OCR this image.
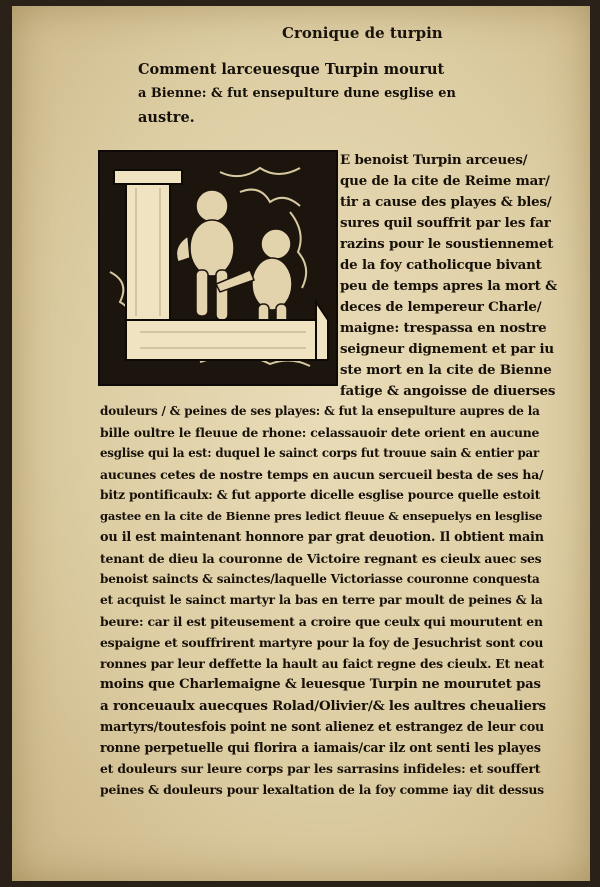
Cronique de turpin
Comment larceuesque Turpin mourut
a Bienne: & fut ensepulture dune esglise en
austre.
L	E benoist Turpin arceues/
que de la cite de Reime mar/
tir a cause des playes & bles/
sures quil souffrit par les far
razins pour le soustiennemet
de la foy catholicque bivant
peu de temps apres la mort &
deces de lempereur Charle/
maigne: trespassa en nostre
seigneur dignement et par iu
ste mort en la cite de Bienne
fatige & angoisse de diuerses
douleurs / & peines de ses playes: & fut la ensepulture aupres de la
bille oultre le fleuue de rhone: celassauoir dete orient en aucune
esglise qui la est: duquel le sainct corps fut trouue sain & entier par
aucunes cetes de nostre temps en aucun sercueil besta de ses ha/
bitz pontificaulx: & fut apporte dicelle esglise pource quelle estoit
gastee en la cite de Bienne pres ledict fleuue & ensepuelys en lesglise
ou il est maintenant honnore par grat deuotion. Il obtient main
tenant de dieu la couronne de Victoire regnant es cieulx auec ses
benoist saincts & sainctes/laquelle Victoriasse couronne conquesta
et acquist le sainct martyr la bas en terre par moult de peines & la
beure: car il est piteusement a croire que ceulx qui mourutent en
espaigne et souffrirent martyre pour la foy de Jesuchrist sont cou
ronnes par leur deffette la hault au faict regne des cieulx. Et neat
moins que Charlemaigne & leuesque Turpin ne mourutet pas
a ronceuaulx auecques Rolad/Olivier/& les aultres cheualiers
martyrs/toutesfois point ne sont alienez et estrangez de leur cou
ronne perpetuelle qui florira a iamais/car ilz ont senti les playes
et douleurs sur leure corps par les sarrasins infideles: et souffert
peines & douleurs pour lexaltation de la foy comme iay dit dessus
